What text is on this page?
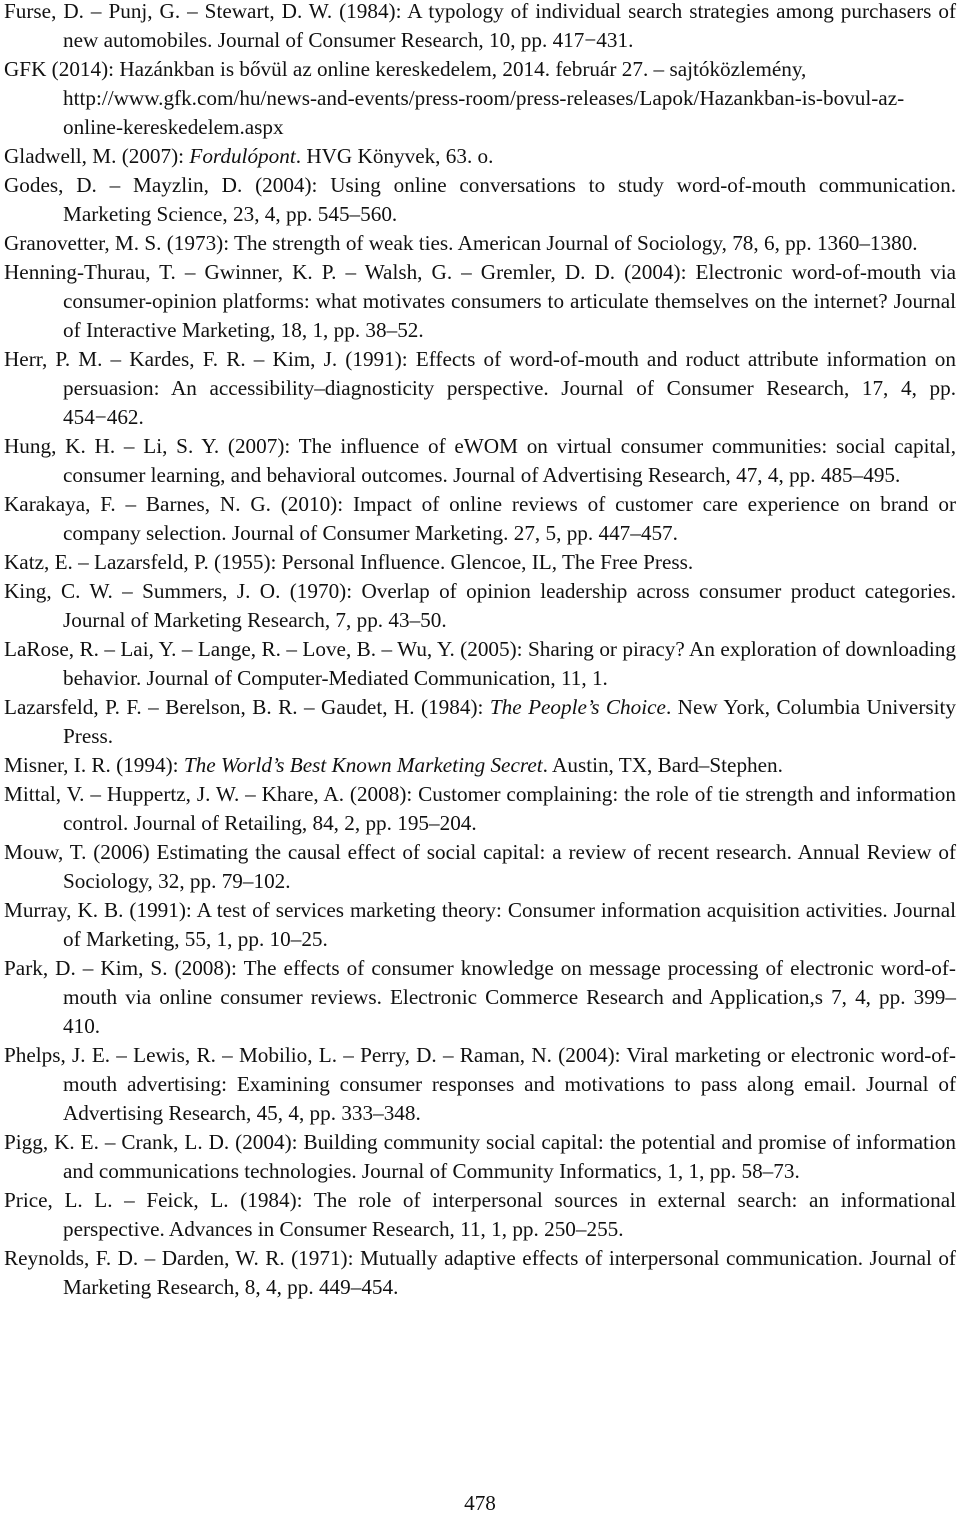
Furse, D. – Punj, G. – Stewart, D. W. (1984): A typology of individual search strategies among purchasers of new automobiles. Journal of Consumer Research, 10, pp. 417−431.

GFK (2014): Hazánkban is bővül az online kereskedelem, 2014. február 27. – sajtóközlemény, http://www.gfk.com/hu/news-and-events/press-room/press-releases/Lapok/Hazankban-is-bovul-az-online-kereskedelem.aspx

Gladwell, M. (2007): Fordulópont. HVG Könyvek, 63. o.

Godes, D. – Mayzlin, D. (2004): Using online conversations to study word-of-mouth communication. Marketing Science, 23, 4, pp. 545–560.

Granovetter, M. S. (1973): The strength of weak ties. American Journal of Sociology, 78, 6, pp. 1360–1380.

Henning-Thurau, T. – Gwinner, K. P. – Walsh, G. – Gremler, D. D. (2004): Electronic word-of-mouth via consumer-opinion platforms: what motivates consumers to articulate themselves on the internet? Journal of Interactive Marketing, 18, 1, pp. 38–52.

Herr, P. M. – Kardes, F. R. – Kim, J. (1991): Effects of word-of-mouth and roduct attribute information on persuasion: An accessibility–diagnosticity perspective. Journal of Consumer Research, 17, 4, pp. 454−462.

Hung, K. H. – Li, S. Y. (2007): The influence of eWOM on virtual consumer communities: social capital, consumer learning, and behavioral outcomes. Journal of Advertising Research, 47, 4, pp. 485–495.

Karakaya, F. – Barnes, N. G. (2010): Impact of online reviews of customer care experience on brand or company selection. Journal of Consumer Marketing. 27, 5, pp. 447–457.

Katz, E. – Lazarsfeld, P. (1955): Personal Influence. Glencoe, IL, The Free Press.

King, C. W. – Summers, J. O. (1970): Overlap of opinion leadership across consumer product categories. Journal of Marketing Research, 7, pp. 43–50.

LaRose, R. – Lai, Y. – Lange, R. – Love, B. – Wu, Y. (2005): Sharing or piracy? An exploration of downloading behavior. Journal of Computer-Mediated Communication, 11, 1.

Lazarsfeld, P. F. – Berelson, B. R. – Gaudet, H. (1984): The People’s Choice. New York, Columbia University Press.

Misner, I. R. (1994): The World’s Best Known Marketing Secret. Austin, TX, Bard–Stephen.

Mittal, V. – Huppertz, J. W. – Khare, A. (2008): Customer complaining: the role of tie strength and information control. Journal of Retailing, 84, 2, pp. 195–204.

Mouw, T. (2006) Estimating the causal effect of social capital: a review of recent research. Annual Review of Sociology, 32, pp. 79–102.

Murray, K. B. (1991): A test of services marketing theory: Consumer information acquisition activities. Journal of Marketing, 55, 1, pp. 10–25.

Park, D. – Kim, S. (2008): The effects of consumer knowledge on message processing of electronic word-of-mouth via online consumer reviews. Electronic Commerce Research and Application,s 7, 4, pp. 399–410.

Phelps, J. E. – Lewis, R. – Mobilio, L. – Perry, D. – Raman, N. (2004): Viral marketing or electronic word-of-mouth advertising: Examining consumer responses and motivations to pass along email. Journal of Advertising Research, 45, 4, pp. 333–348.

Pigg, K. E. – Crank, L. D. (2004): Building community social capital: the potential and promise of information and communications technologies. Journal of Community Informatics, 1, 1, pp. 58–73.

Price, L. L. – Feick, L. (1984): The role of interpersonal sources in external search: an informational perspective. Advances in Consumer Research, 11, 1, pp. 250–255.

Reynolds, F. D. – Darden, W. R. (1971): Mutually adaptive effects of interpersonal communication. Journal of Marketing Research, 8, 4, pp. 449–454.

478
